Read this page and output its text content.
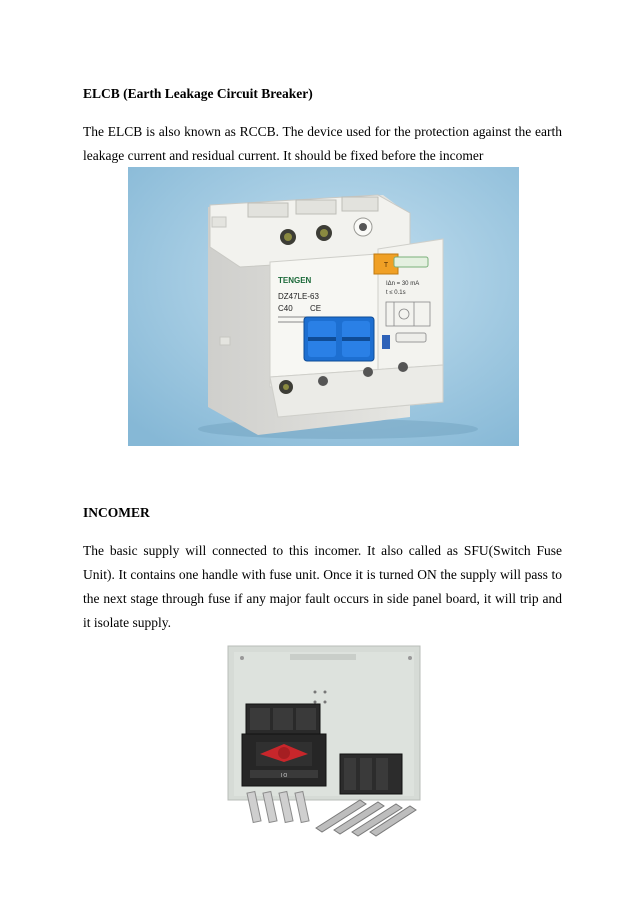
ELCB (Earth Leakage Circuit Breaker)

The ELCB is also known as RCCB. The device used for the protection against the earth leakage current and residual current. It should be fixed before the incomer

T
TENGEN
DZ47LE-63
C40 CE
IΔn = 30 mA
t ≤ 0.1s
INCOMER

The basic supply will connected to this incomer. It also called as SFU(Switch Fuse Unit). It contains one handle with fuse unit. Once it is turned ON the supply will pass to the next stage through fuse if any major fault occurs in side panel board, it will trip and it isolate supply.

I O
